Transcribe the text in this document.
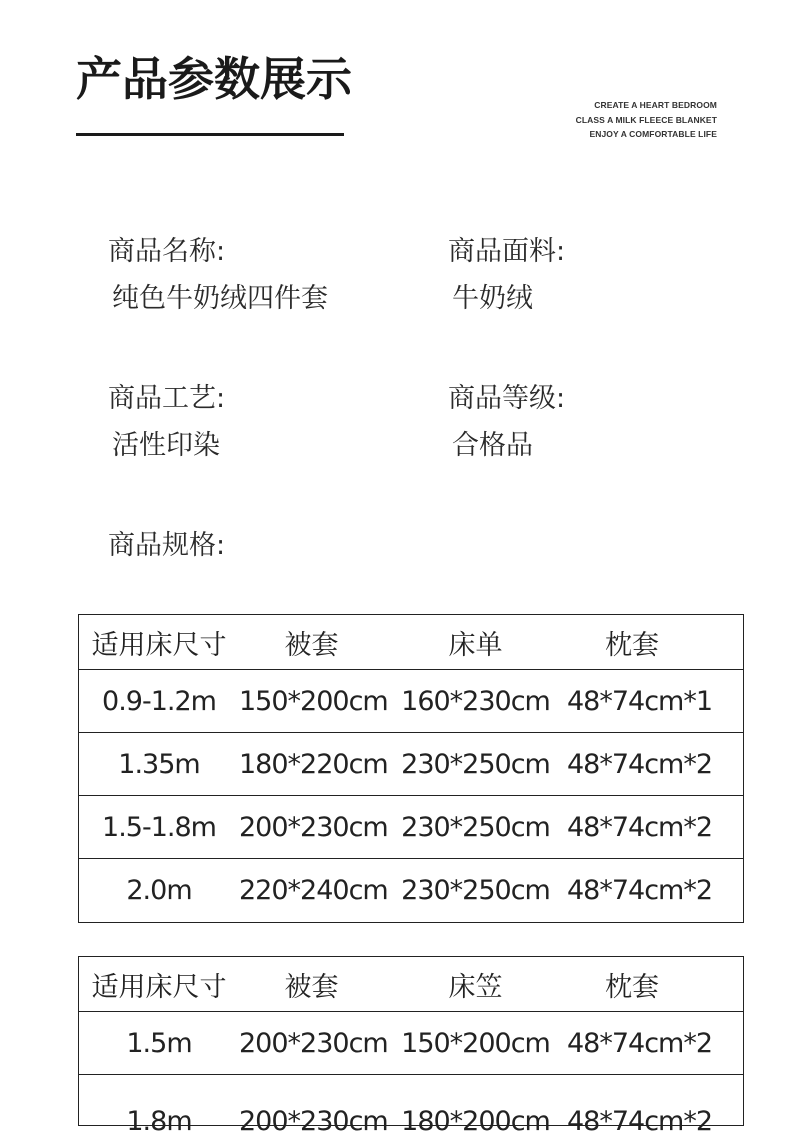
产品参数展示	CREATE A HEART BEDROOM
CLASS A MILK FLEECE BLANKET
ENJOY A COMFORTABLE LIFE
商品名称:
纯色牛奶绒四件套
商品面料:
牛奶绒
商品工艺:
活性印染
商品等级:
合格品
商品规格:
适用床尺寸	被套	床单	枕套
0.9-1.2m 150*200cm 160*230cm 48*74cm*1
1.35m	180*220cm 230*250cm 48*74cm*2
1.5-1.8m 200*230cm 230*250cm 48*74cm*2
2.0m	220*240cm 230*250cm 48*74cm*2
适用床尺寸	被套	床笠	枕套
1.5m	200*230cm 150*200cm 48*74cm*2
1.8m	200*230cm 180*200cm 48*74cm*2
